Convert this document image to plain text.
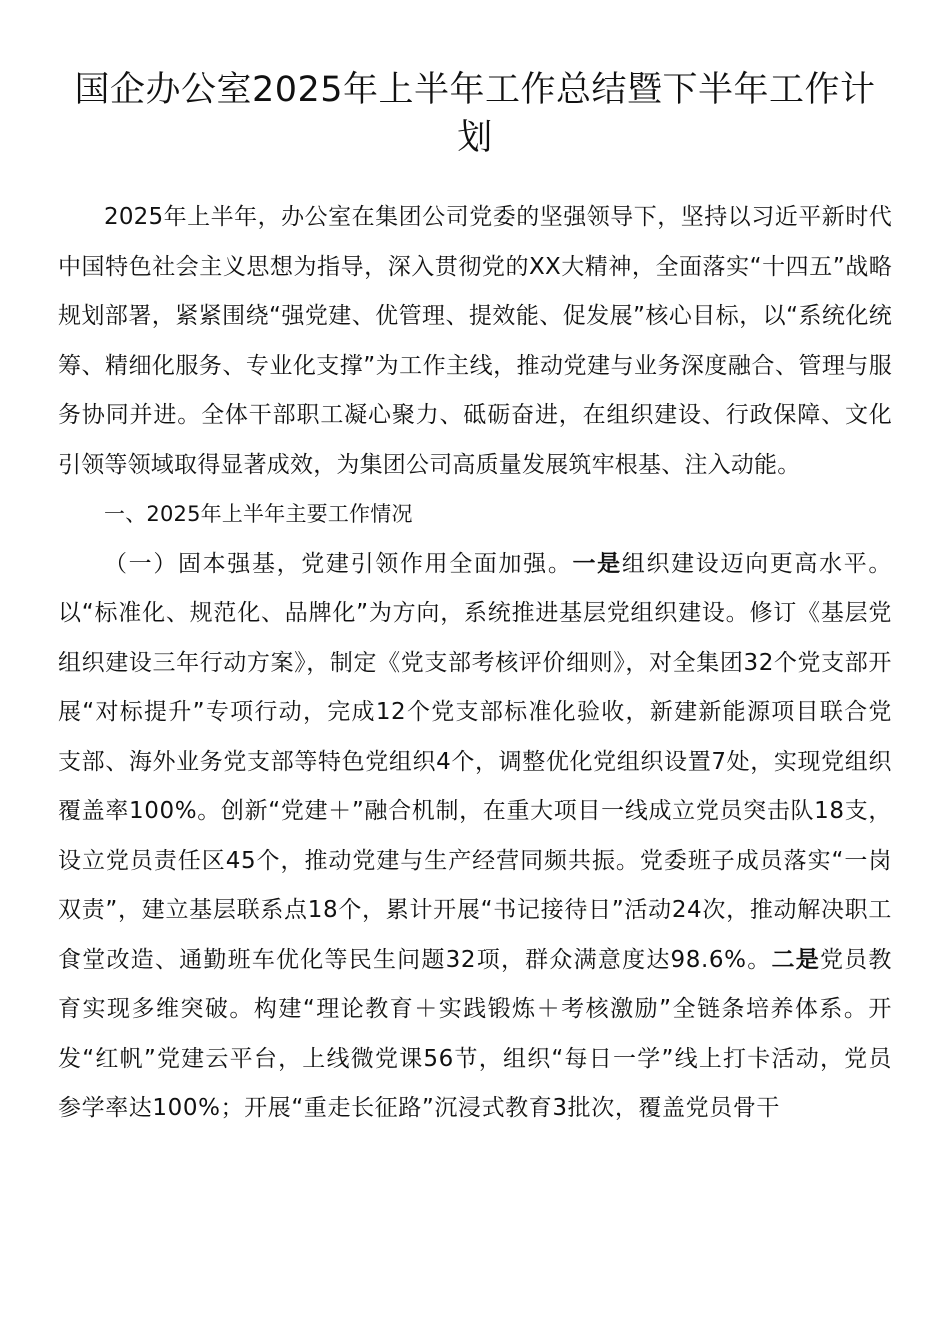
国企办公室2025年上半年工作总结暨下半年工作计划

2025年上半年，办公室在集团公司党委的坚强领导下，坚持以习近平新时代中国特色社会主义思想为指导，深入贯彻党的XX大精神，全面落实“十四五”战略规划部署，紧紧围绕“强党建、优管理、提效能、促发展”核心目标，以“系统化统筹、精细化服务、专业化支撑”为工作主线，推动党建与业务深度融合、管理与服务协同并进。全体干部职工凝心聚力、砥砺奋进，在组织建设、行政保障、文化引领等领域取得显著成效，为集团公司高质量发展筑牢根基、注入动能。

一、2025年上半年主要工作情况

（一）固本强基，党建引领作用全面加强。一是组织建设迈向更高水平。以“标准化、规范化、品牌化”为方向，系统推进基层党组织建设。修订《基层党组织建设三年行动方案》，制定《党支部考核评价细则》，对全集团32个党支部开展“对标提升”专项行动，完成12个党支部标准化验收，新建新能源项目联合党支部、海外业务党支部等特色党组织4个，调整优化党组织设置7处，实现党组织覆盖率100%。创新“党建＋”融合机制，在重大项目一线成立党员突击队18支，设立党员责任区45个，推动党建与生产经营同频共振。党委班子成员落实“一岗双责”，建立基层联系点18个，累计开展“书记接待日”活动24次，推动解决职工食堂改造、通勤班车优化等民生问题32项，群众满意度达98.6%。二是党员教育实现多维突破。构建“理论教育＋实践锻炼＋考核激励”全链条培养体系。开发“红帆”党建云平台，上线微党课56节，组织“每日一学”线上打卡活动，党员参学率达100%；开展“重走长征路”沉浸式教育3批次，覆盖党员骨干
